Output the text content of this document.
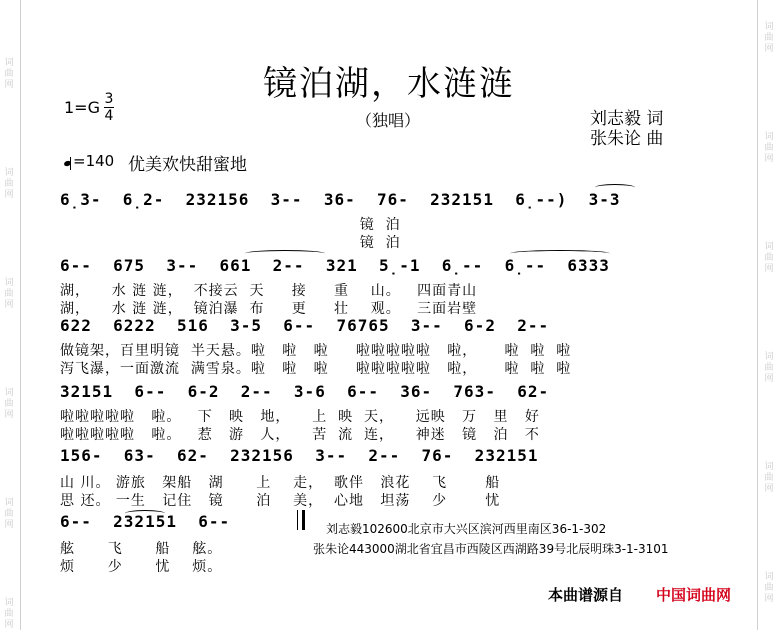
词曲网
词曲网
词曲网
词曲网
词曲网
词曲网
词曲网
词曲网
词曲网
词曲网
词曲网
词曲网
镜泊湖，水涟涟
1=G 3
4	（独唱）	刘志毅 词
张朱论 曲
=140 优美欢快甜蜜地
6̣3-  6̣2-  232156  3--  36-  76-  232151  6̣--)  3-3
镜  泊
镜  泊
6--  675  3--  661  2--  321  5̣-1  6̣--  6̣--  6333
湖，    水 涟 涟，  不接云  天     接     重    山。   四面青山
湖，    水 涟 涟，  镜泊瀑  布     更     壮    观。   三面岩壁
622  6222  516  3-5  6--  76765  3--  6-2  2--
做镜架，百里明镜  半天悬。啦   啦   啦     啦啦啦啦啦   啦，     啦  啦  啦
泻飞瀑，一面激流  满雪泉。啦   啦   啦     啦啦啦啦啦   啦，     啦  啦  啦
32151  6--  6-2  2--  3-6  6--  36-  763-  62-
啦啦啦啦啦   啦。   下   映   地，    上  映  天，    远映   万   里   好
啦啦啦啦啦   啦。   惹   游   人，    苦  流  连，    神迷   镜   泊   不
156-  63-  62-  232156  3--  2--  76-  232151
山 川。 游旅   架船   湖      上    走，  歌伴   浪花    飞       船
思 还。 一生   记住   镜      泊    美，  心地   坦荡    少       忧
6--  232151  6--
舷      飞      船    舷。
烦      少      忧    烦。
刘志毅102600北京市大兴区滨河西里南区36-1-302
张朱论443000湖北省宜昌市西陵区西湖路39号北辰明珠3-1-3101
本曲谱源自 中国词曲网
